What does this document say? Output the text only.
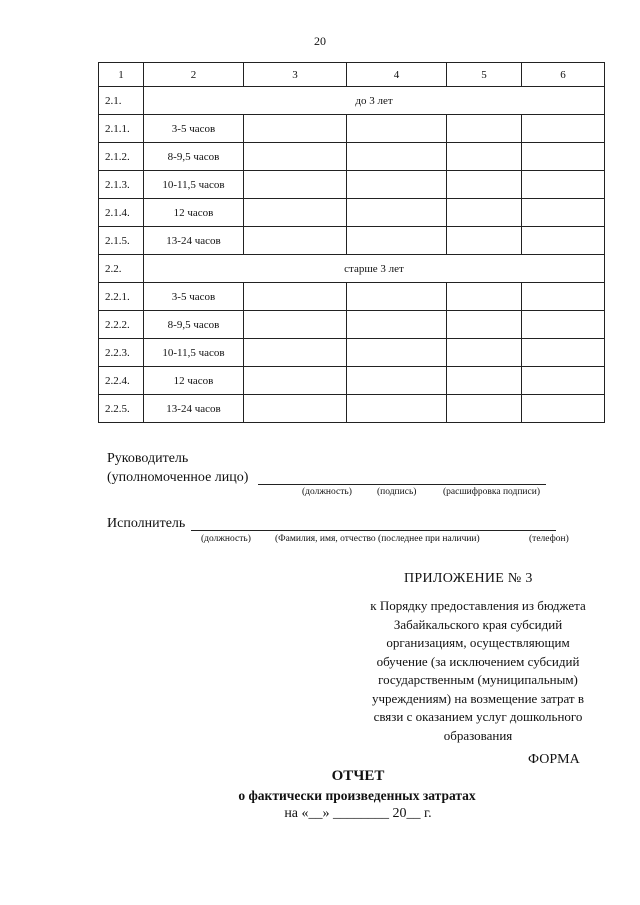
20
1	2	3	4	5	6
2.1.	до 3 лет				
2.1.1.	3-5 часов				
2.1.2.	8-9,5 часов				
2.1.3.	10-11,5 часов				
2.1.4.	12 часов				
2.1.5.	13-24 часов				
2.2.	старше 3 лет				
2.2.1.	3-5 часов				
2.2.2.	8-9,5 часов				
2.2.3.	10-11,5 часов				
2.2.4.	12 часов				
2.2.5.	13-24 часов				
Руководитель
(уполномоченное лицо)
(должность)	(подпись)	(расшифровка подписи)
Исполнитель
(должность)	(Фамилия, имя, отчество (последнее при наличии)	(телефон)
ПРИЛОЖЕНИЕ № 3
к Порядку предоставления из бюджета
Забайкальского края субсидий
организациям, осуществляющим
обучение (за исключением субсидий
государственным (муниципальным)
учреждениям) на возмещение затрат в
связи с оказанием услуг дошкольного
образования
ФОРМА
ОТЧЕТ
о фактически произведенных затратах
на «__» ________ 20__ г.
